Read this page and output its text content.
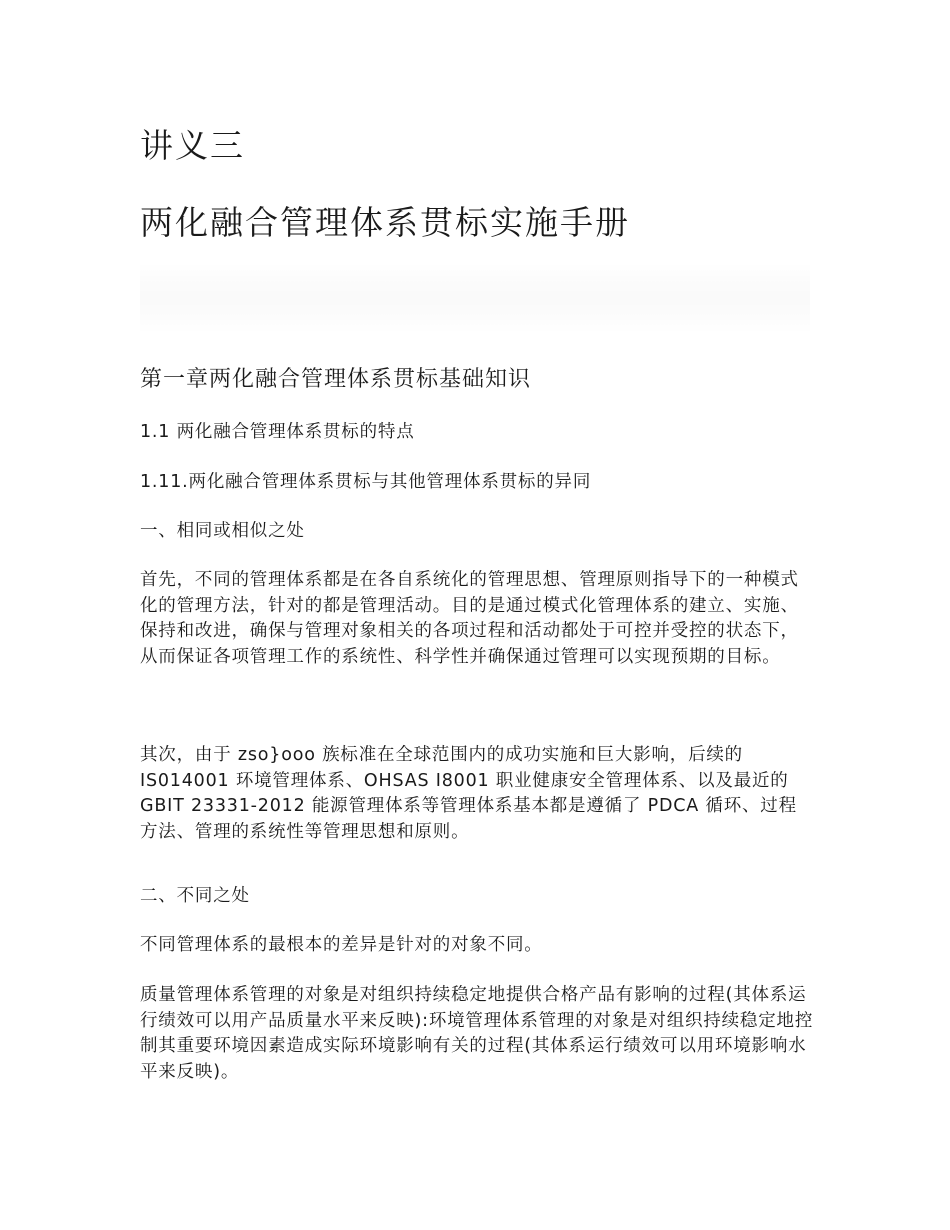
讲义三
两化融合管理体系贯标实施手册
第一章两化融合管理体系贯标基础知识

1.1 两化融合管理体系贯标的特点

1.11.两化融合管理体系贯标与其他管理体系贯标的异同

一、相同或相似之处

首先，不同的管理体系都是在各自系统化的管理思想、管理原则指导下的一种模式化的管理方法，针对的都是管理活动。目的是通过模式化管理体系的建立、实施、保持和改进，确保与管理对象相关的各项过程和活动都处于可控并受控的状态下，从而保证各项管理工作的系统性、科学性并确保通过管理可以实现预期的目标。

其次，由于 zso}ooo 族标准在全球范围内的成功实施和巨大影响，后续的 IS014001 环境管理体系、OHSAS Ⅰ8001 职业健康安全管理体系、以及最近的 GBIT 23331-2012 能源管理体系等管理体系基本都是遵循了 PDCA 循环、过程方法、管理的系统性等管理思想和原则。

二、不同之处

不同管理体系的最根本的差异是针对的对象不同。

质量管理体系管理的对象是对组织持续稳定地提供合格产品有影响的过程(其体系运行绩效可以用产品质量水平来反映):环境管理体系管理的对象是对组织持续稳定地控制其重要环境因素造成实际环境影响有关的过程(其体系运行绩效可以用环境影响水平来反映)。
